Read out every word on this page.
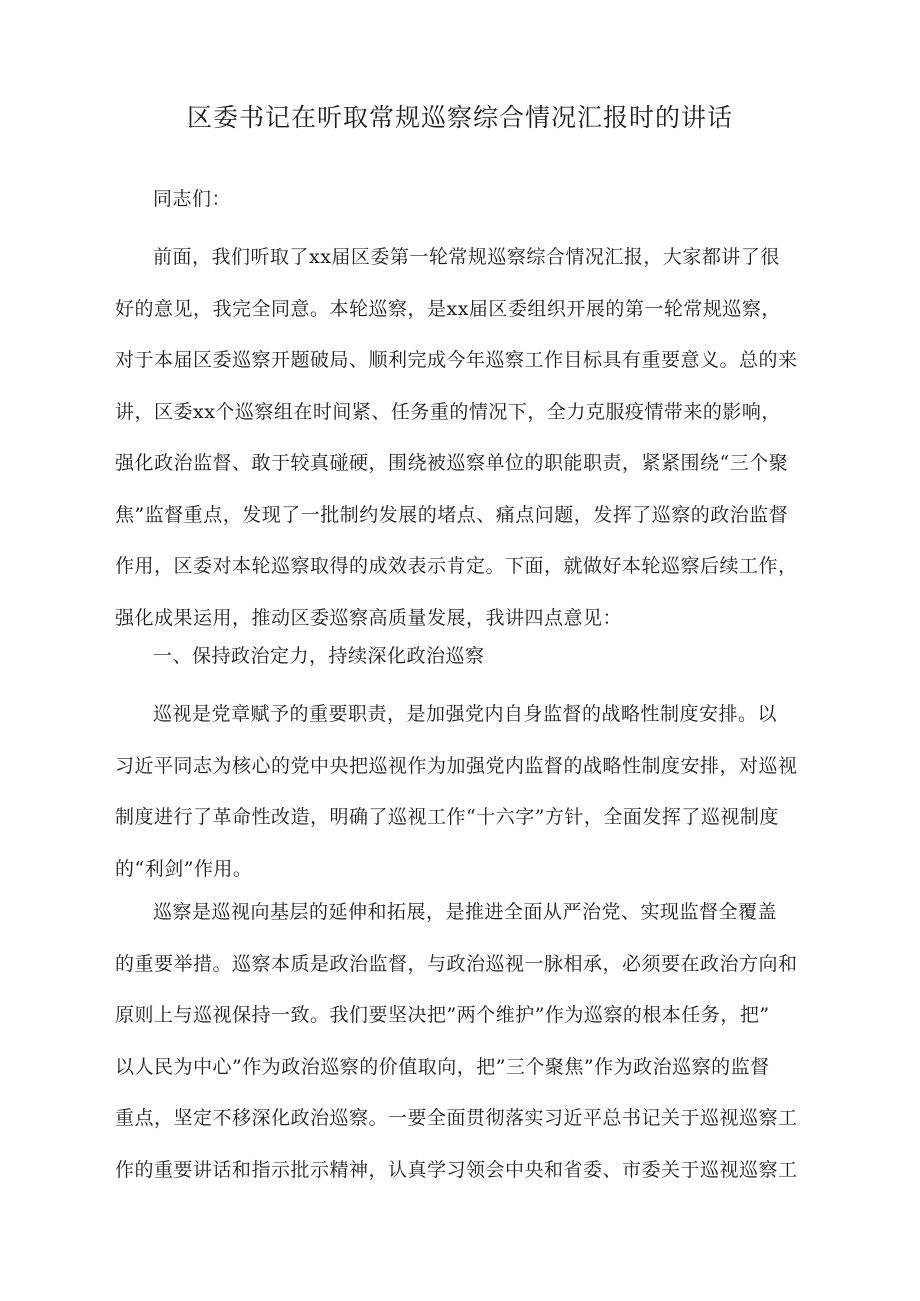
区委书记在听取常规巡察综合情况汇报时的讲话
同志们：
前面，我们听取了xx届区委第一轮常规巡察综合情况汇报，大家都讲了很
好的意见，我完全同意。本轮巡察，是xx届区委组织开展的第一轮常规巡察，
对于本届区委巡察开题破局、顺利完成今年巡察工作目标具有重要意义。总的来
讲，区委xx个巡察组在时间紧、任务重的情况下，全力克服疫情带来的影响，
强化政治监督、敢于较真碰硬，围绕被巡察单位的职能职责，紧紧围绕“三个聚
焦”监督重点，发现了一批制约发展的堵点、痛点问题，发挥了巡察的政治监督
作用，区委对本轮巡察取得的成效表示肯定。下面，就做好本轮巡察后续工作，
强化成果运用，推动区委巡察高质量发展，我讲四点意见：
一、保持政治定力，持续深化政治巡察
巡视是党章赋予的重要职责，是加强党内自身监督的战略性制度安排。以
习近平同志为核心的党中央把巡视作为加强党内监督的战略性制度安排，对巡视
制度进行了革命性改造，明确了巡视工作“十六字”方针，全面发挥了巡视制度
的“利剑”作用。
巡察是巡视向基层的延伸和拓展，是推进全面从严治党、实现监督全覆盖
的重要举措。巡察本质是政治监督，与政治巡视一脉相承，必须要在政治方向和
原则上与巡视保持一致。我们要坚决把”两个维护”作为巡察的根本任务，把”
以人民为中心”作为政治巡察的价值取向，把”三个聚焦”作为政治巡察的监督
重点，坚定不移深化政治巡察。一要全面贯彻落实习近平总书记关于巡视巡察工
作的重要讲话和指示批示精神，认真学习领会中央和省委、市委关于巡视巡察工
